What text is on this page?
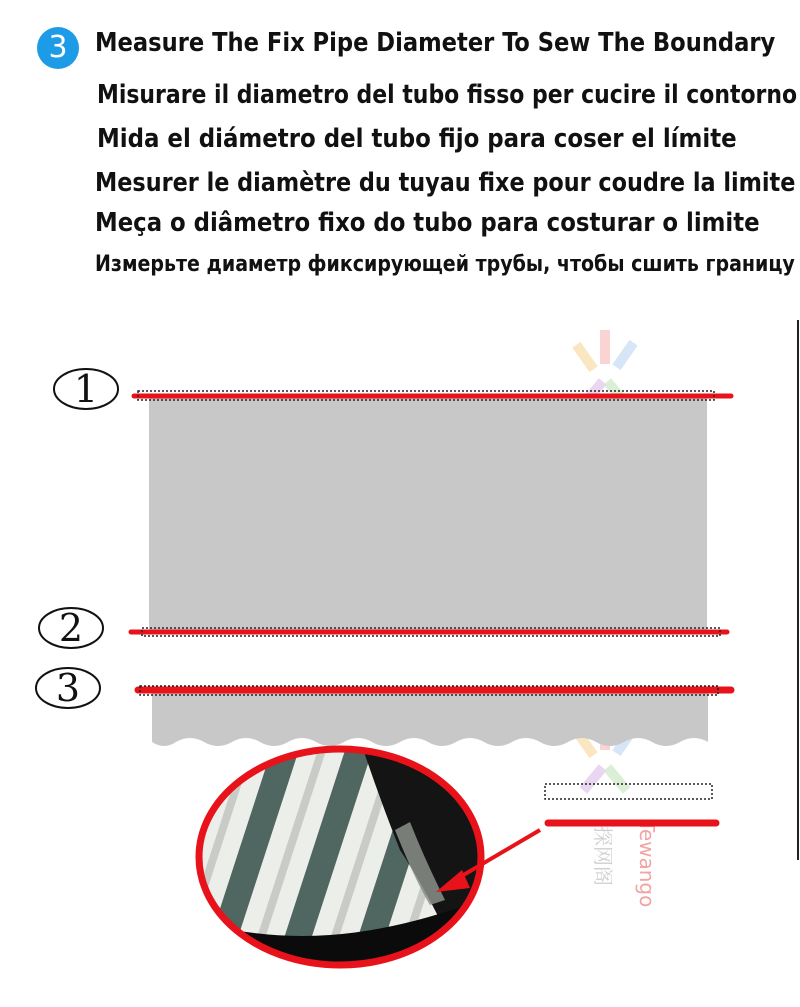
3	Measure The Fix Pipe Diameter To Sew The Boundary
Misurare il diametro del tubo fisso per cucire il contorno
Mida el diámetro del tubo fijo para coser el límite
Mesurer le diamètre du tuyau fixe pour coudre la limite
Meça o diâmetro fixo do tubo para costurar o limite
Измерьте диаметр фиксирующей трубы, чтобы сшить границу
Tewango
探网阁
1
2
3
